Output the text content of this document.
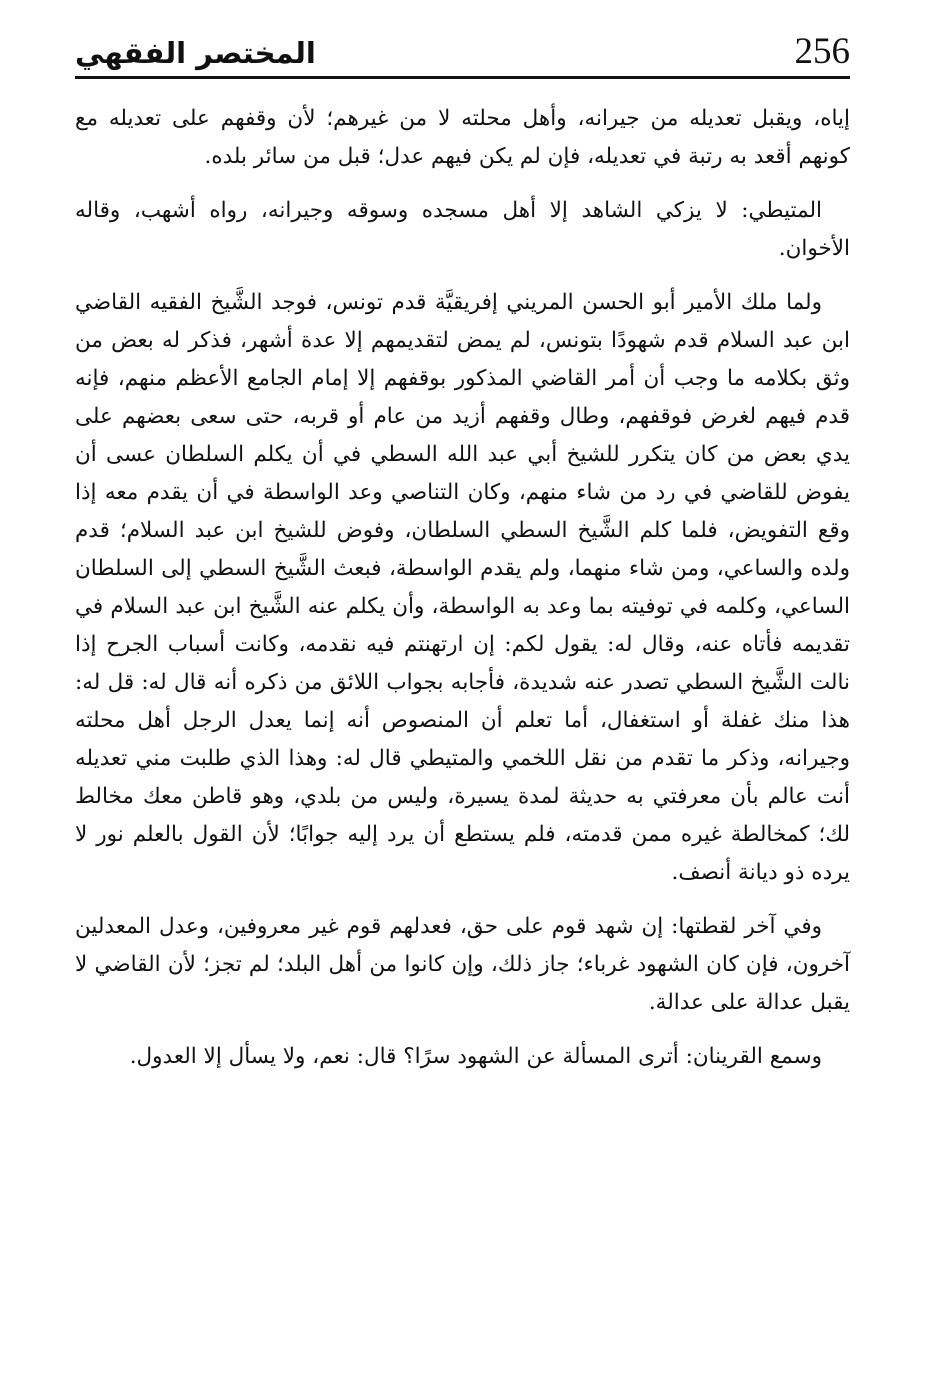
256
المختصر الفقهي

إياه، ويقبل تعديله من جيرانه، وأهل محلته لا من غيرهم؛ لأن وقفهم على تعديله مع كونهم أقعد به رتبة في تعديله، فإن لم يكن فيهم عدل؛ قبل من سائر بلده.

المتيطي: لا يزكي الشاهد إلا أهل مسجده وسوقه وجيرانه، رواه أشهب، وقاله الأخوان.

ولما ملك الأمير أبو الحسن المريني إفريقيَّة قدم تونس، فوجد الشَّيخ الفقيه القاضي ابن عبد السلام قدم شهودًا بتونس، لم يمض لتقديمهم إلا عدة أشهر، فذكر له بعض من وثق بكلامه ما وجب أن أمر القاضي المذكور بوقفهم إلا إمام الجامع الأعظم منهم، فإنه قدم فيهم لغرض فوقفهم، وطال وقفهم أزيد من عام أو قربه، حتى سعى بعضهم على يدي بعض من كان يتكرر للشيخ أبي عبد الله السطي في أن يكلم السلطان عسى أن يفوض للقاضي في رد من شاء منهم، وكان التناصي وعد الواسطة في أن يقدم معه إذا وقع التفويض، فلما كلم الشَّيخ السطي السلطان، وفوض للشيخ ابن عبد السلام؛ قدم ولده والساعي، ومن شاء منهما، ولم يقدم الواسطة، فبعث الشَّيخ السطي إلى السلطان الساعي، وكلمه في توفيته بما وعد به الواسطة، وأن يكلم عنه الشَّيخ ابن عبد السلام في تقديمه فأتاه عنه، وقال له: يقول لكم: إن ارتهنتم فيه نقدمه، وكانت أسباب الجرح إذا نالت الشَّيخ السطي تصدر عنه شديدة، فأجابه بجواب اللائق من ذكره أنه قال له: قل له: هذا منك غفلة أو استغفال، أما تعلم أن المنصوص أنه إنما يعدل الرجل أهل محلته وجيرانه، وذكر ما تقدم من نقل اللخمي والمتيطي قال له: وهذا الذي طلبت مني تعديله أنت عالم بأن معرفتي به حديثة لمدة يسيرة، وليس من بلدي، وهو قاطن معك مخالط لك؛ كمخالطة غيره ممن قدمته، فلم يستطع أن يرد إليه جوابًا؛ لأن القول بالعلم نور لا يرده ذو ديانة أنصف.

وفي آخر لقطتها: إن شهد قوم على حق، فعدلهم قوم غير معروفين، وعدل المعدلين آخرون، فإن كان الشهود غرباء؛ جاز ذلك، وإن كانوا من أهل البلد؛ لم تجز؛ لأن القاضي لا يقبل عدالة على عدالة.

وسمع القرينان: أترى المسألة عن الشهود سرًا؟ قال: نعم، ولا يسأل إلا العدول.
